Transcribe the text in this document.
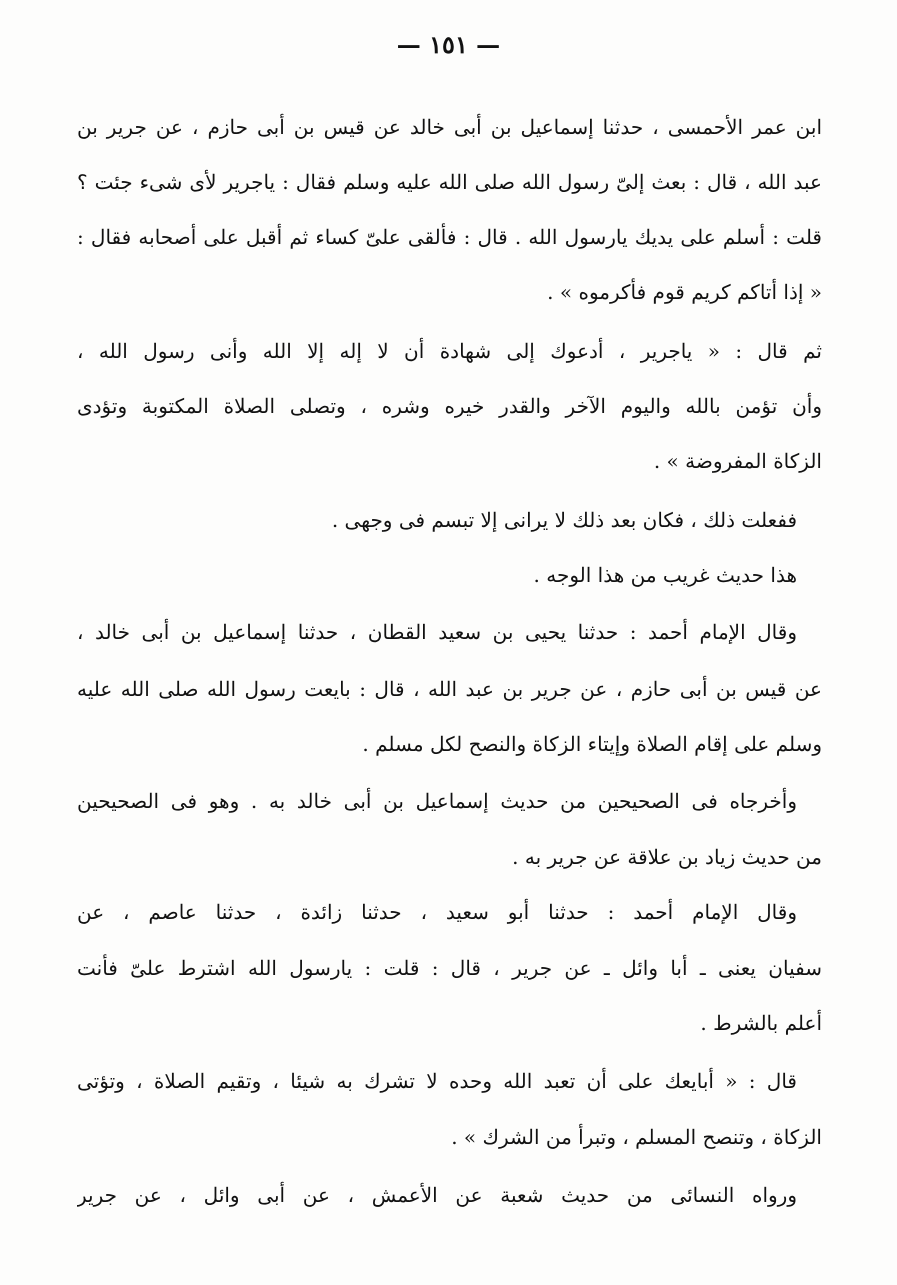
— ١٥١ —
ابن عمر الأحمسى ، حدثنا إسماعيل بن أبى خالد عن قيس بن أبى حازم ، عن جرير بن
عبد الله ، قال : بعث إلىّ رسول الله صلى الله عليه وسلم فقال : ياجرير لأى شىء جئت ؟
قلت : أسلم على يديك يارسول الله . قال : فألقى علىّ كساء ثم أقبل على أصحابه فقال :
« إذا أتاكم كريم قوم فأكرموه » .
ثم قال : « ياجرير ، أدعوك إلى شهادة أن لا إله إلا الله وأنى رسول الله ،
وأن تؤمن بالله واليوم الآخر والقدر خيره وشره ، وتصلى الصلاة المكتوبة وتؤدى
الزكاة المفروضة » .
ففعلت ذلك ، فكان بعد ذلك لا يرانى إلا تبسم فى وجهى .
هذا حديث غريب من هذا الوجه .
وقال الإمام أحمد : حدثنا يحيى بن سعيد القطان ، حدثنا إسماعيل بن أبى خالد ،
عن قيس بن أبى حازم ، عن جرير بن عبد الله ، قال : بايعت رسول الله صلى الله عليه
وسلم على إقام الصلاة وإيتاء الزكاة والنصح لكل مسلم .
وأخرجاه فى الصحيحين من حديث إسماعيل بن أبى خالد به . وهو فى الصحيحين
من حديث زياد بن علاقة عن جرير به .
وقال الإمام أحمد : حدثنا أبو سعيد ، حدثنا زائدة ، حدثنا عاصم ، عن
سفيان يعنى ـ أبا وائل ـ عن جرير ، قال : قلت : يارسول الله اشترط علىّ فأنت
أعلم بالشرط .
قال : « أبايعك على أن تعبد الله وحده لا تشرك به شيئا ، وتقيم الصلاة ، وتؤتى
الزكاة ، وتنصح المسلم ، وتبرأ من الشرك » .
ورواه النسائى من حديث شعبة عن الأعمش ، عن أبى وائل ، عن جرير
